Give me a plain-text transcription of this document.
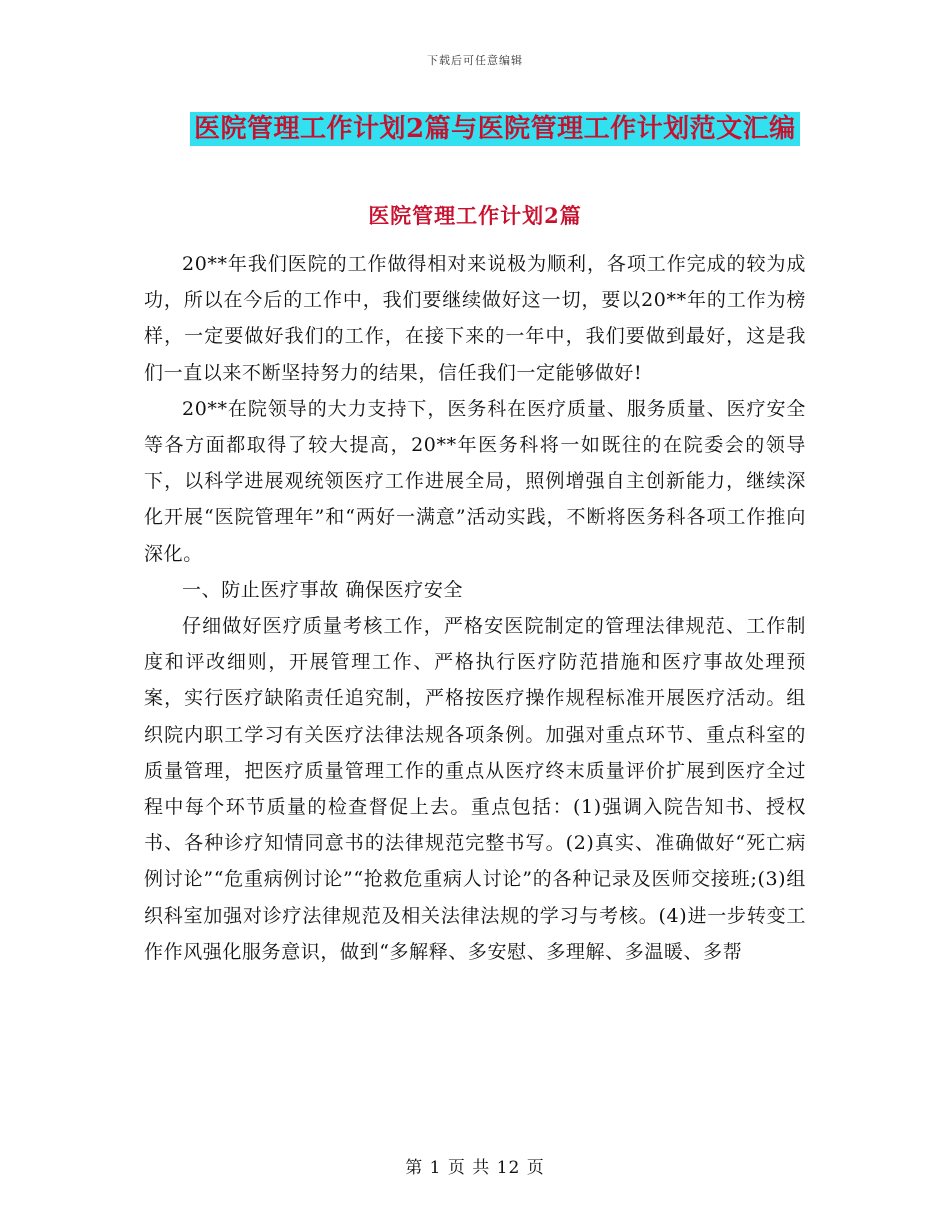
下载后可任意编辑
医院管理工作计划2篇与医院管理工作计划范文汇编
医院管理工作计划2篇

20**年我们医院的工作做得相对来说极为顺利，各项工作完成的较为成功，所以在今后的工作中，我们要继续做好这一切，要以20**年的工作为榜样，一定要做好我们的工作，在接下来的一年中，我们要做到最好，这是我们一直以来不断坚持努力的结果，信任我们一定能够做好!

20**在院领导的大力支持下，医务科在医疗质量、服务质量、医疗安全等各方面都取得了较大提高，20**年医务科将一如既往的在院委会的领导下，以科学进展观统领医疗工作进展全局，照例增强自主创新能力，继续深化开展“医院管理年”和“两好一满意”活动实践，不断将医务科各项工作推向深化。

一、防止医疗事故 确保医疗安全

仔细做好医疗质量考核工作，严格安医院制定的管理法律规范、工作制度和评改细则，开展管理工作、严格执行医疗防范措施和医疗事故处理预案，实行医疗缺陷责任追究制，严格按医疗操作规程标准开展医疗活动。组织院内职工学习有关医疗法律法规各项条例。加强对重点环节、重点科室的质量管理，把医疗质量管理工作的重点从医疗终末质量评价扩展到医疗全过程中每个环节质量的检查督促上去。重点包括：(1)强调入院告知书、授权书、各种诊疗知情同意书的法律规范完整书写。(2)真实、准确做好“死亡病例讨论”“危重病例讨论”“抢救危重病人讨论”的各种记录及医师交接班;(3)组织科室加强对诊疗法律规范及相关法律法规的学习与考核。(4)进一步转变工作作风强化服务意识，做到“多解释、多安慰、多理解、多温暖、多帮

第 1 页 共 12 页
